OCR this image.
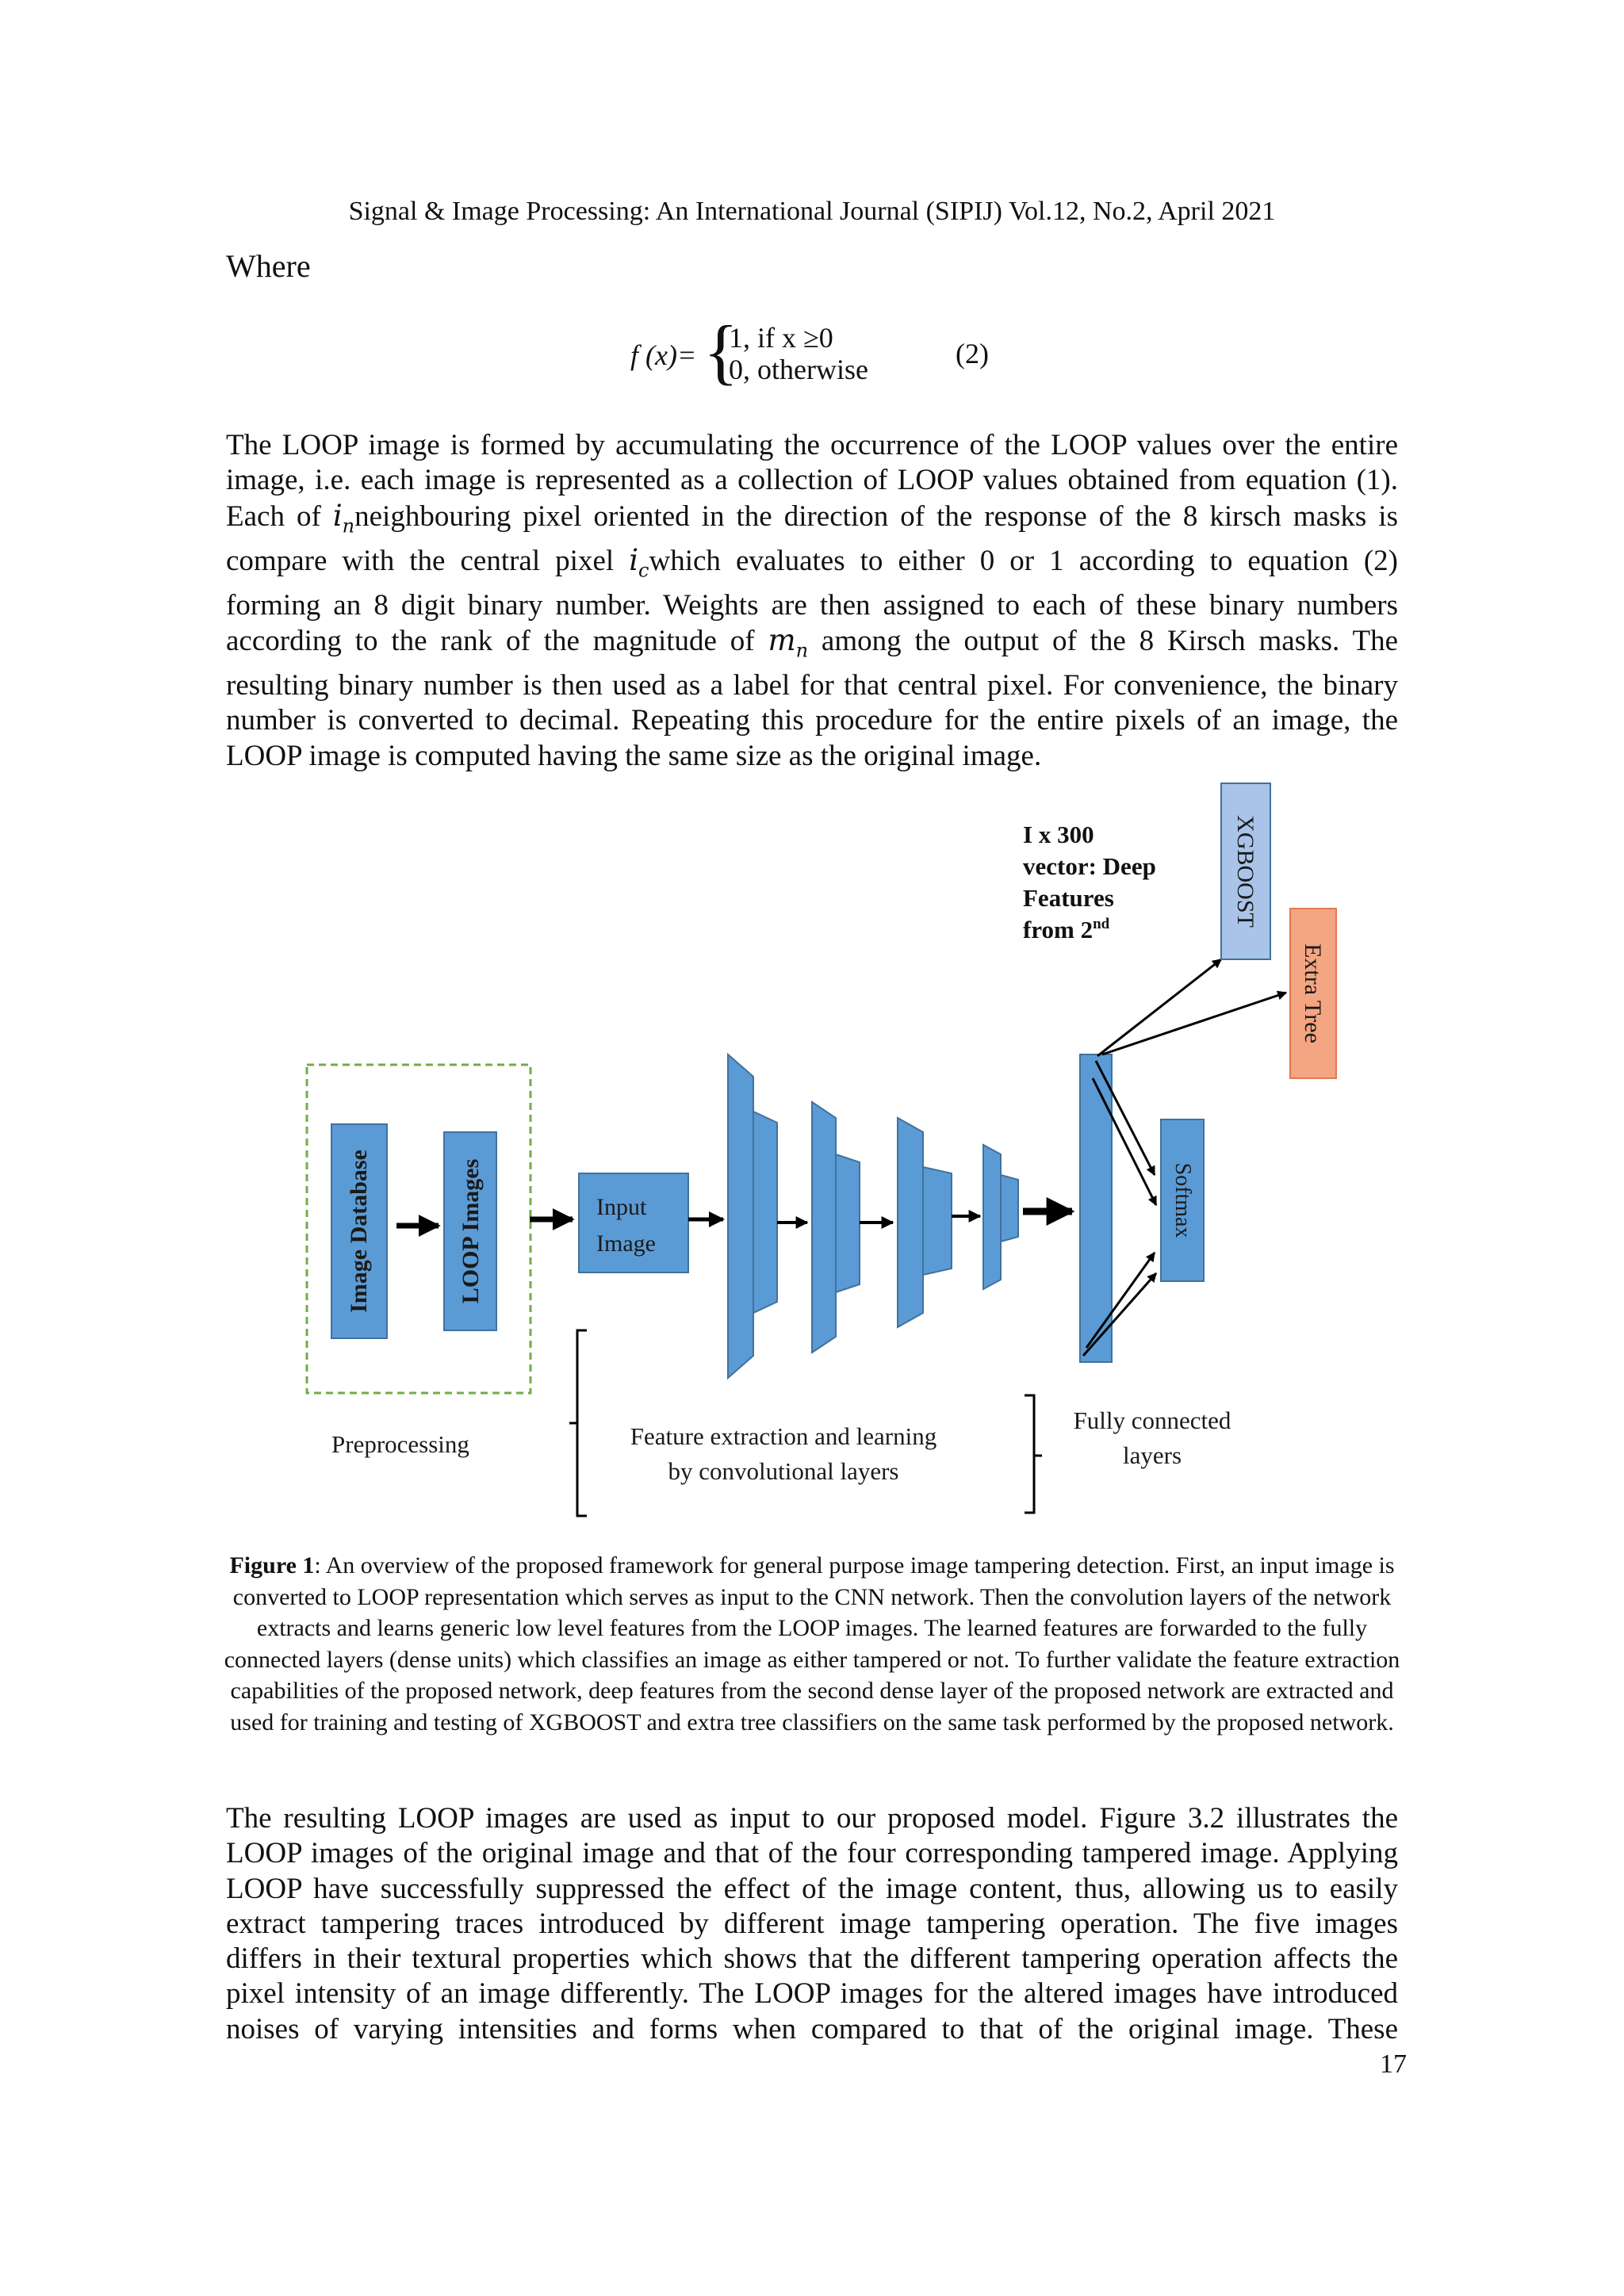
Signal & Image Processing: An International Journal (SIPIJ) Vol.12, No.2, April 2021
Where
f (x)= {
1, if x ≥0
0, otherwise	(2)
The LOOP image is formed by accumulating the occurrence of the LOOP values over the entire
image, i.e. each image is represented as a collection of LOOP values obtained from equation (1).
Each of $i_nneighbouring$ pixel oriented in the direction of the response of the 8 kirsch masks is
compare with the central pixel $i_cwhich$ evaluates to either 0 or 1 according to equation (2)
forming an 8 digit binary number. Weights are then assigned to each of these binary numbers
according to the rank of the magnitude of $m_n$ among the output of the 8 Kirsch masks. The
resulting binary number is then used as a label for that central pixel. For convenience, the binary
number is converted to decimal. Repeating this procedure for the entire pixels of an image, the
LOOP image is computed having the same size as the original image.
Image Database	LOOP Images	Input
Image
Softmax
XGBOOST
Extra Tree
I x 300
vector: Deep
Features
from 2nd
Preprocessing	Feature extraction and learning
by convolutional layers
Fully connected
layers
Figure 1: An overview of the proposed framework for general purpose image tampering detection. First, an input image is converted to LOOP representation which serves as input to the CNN network. Then the convolution layers of the network extracts and learns generic low level features from the LOOP images. The learned features are forwarded to the fully connected layers (dense units) which classifies an image as either tampered or not. To further validate the feature extraction capabilities of the proposed network, deep features from the second dense layer of the proposed network are extracted and used for training and testing of XGBOOST and extra tree classifiers on the same task performed by the proposed network.
The resulting LOOP images are used as input to our proposed model. Figure 3.2 illustrates the
LOOP images of the original image and that of the four corresponding tampered image. Applying
LOOP have successfully suppressed the effect of the image content, thus, allowing us to easily
extract tampering traces introduced by different image tampering operation. The five images
differs in their textural properties which shows that the different tampering operation affects the
pixel intensity of an image differently. The LOOP images for the altered images have introduced
noises of varying intensities and forms when compared to that of the original image. These
17
